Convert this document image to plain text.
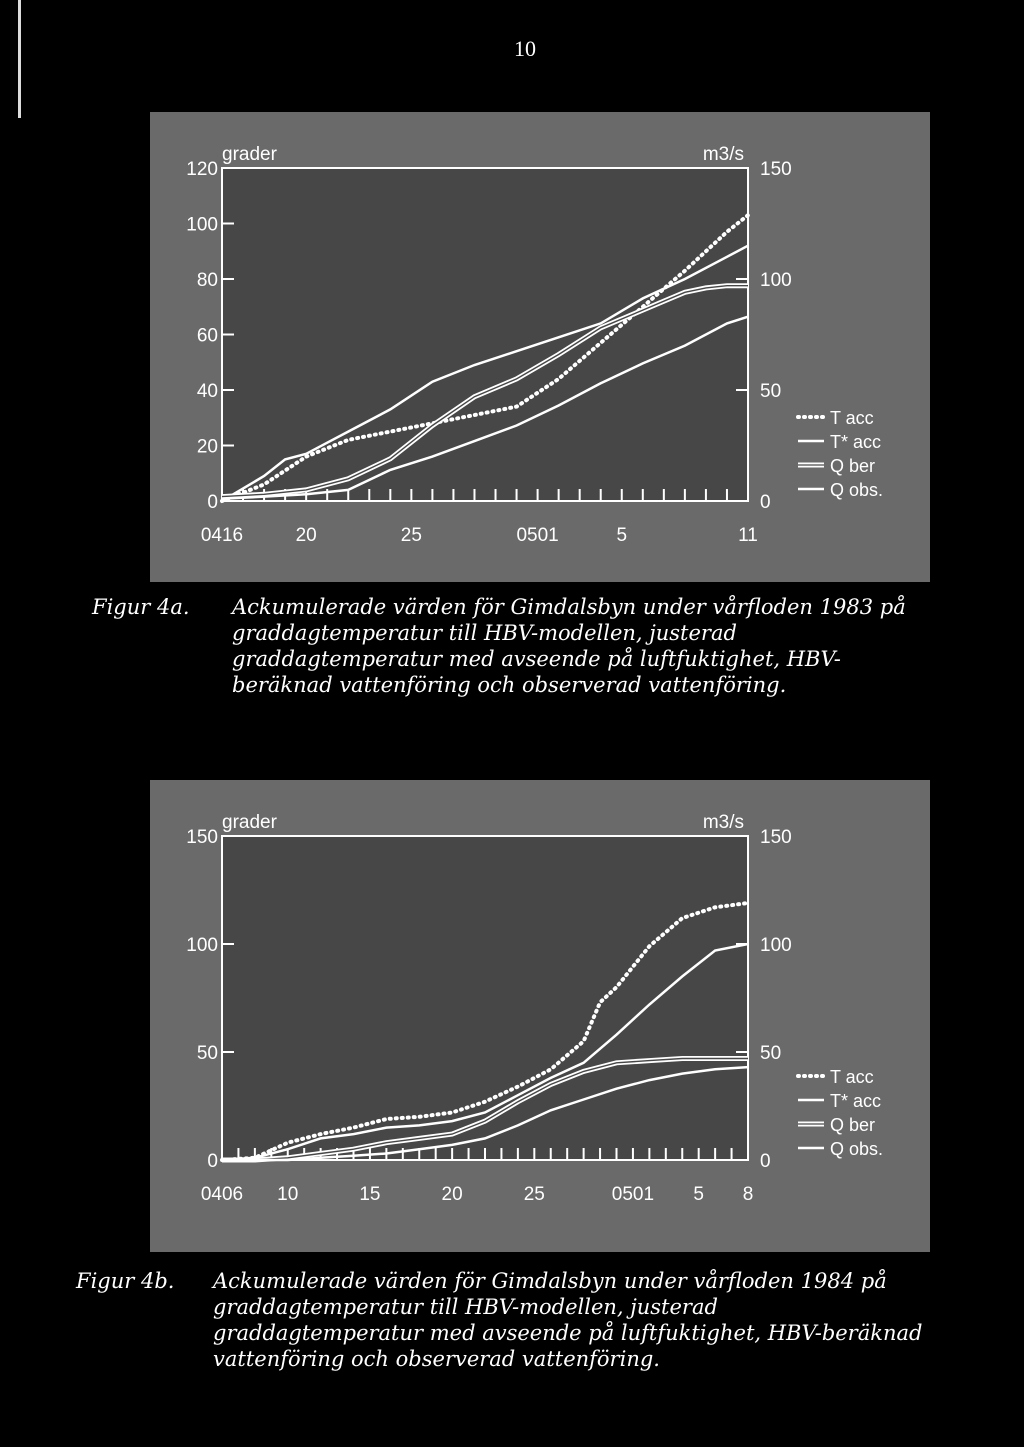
10
0
20
40
60
80
100
120
0
50
100
150
0416	20	25	0501	5	11
grader	m3/s
T acc
T* acc
Q ber
Q obs.
Figur 4a. Ackumulerade värden för Gimdalsbyn under vårfloden 1983 på graddagtemperatur till HBV-modellen, justerad graddagtemperatur med avseende på luftfuktighet, HBV-beräknad vattenföring och observerad vattenföring.
0
50
100
150
0
50
100
150
0406 10	15	20	25	0501 5 8
grader	m3/s
T acc
T* acc
Q ber
Q obs.
Figur 4b. Ackumulerade värden för Gimdalsbyn under vårfloden 1984 på graddagtemperatur till HBV-modellen, justerad graddagtemperatur med avseende på luftfuktighet, HBV-beräknad vattenföring och observerad vattenföring.
